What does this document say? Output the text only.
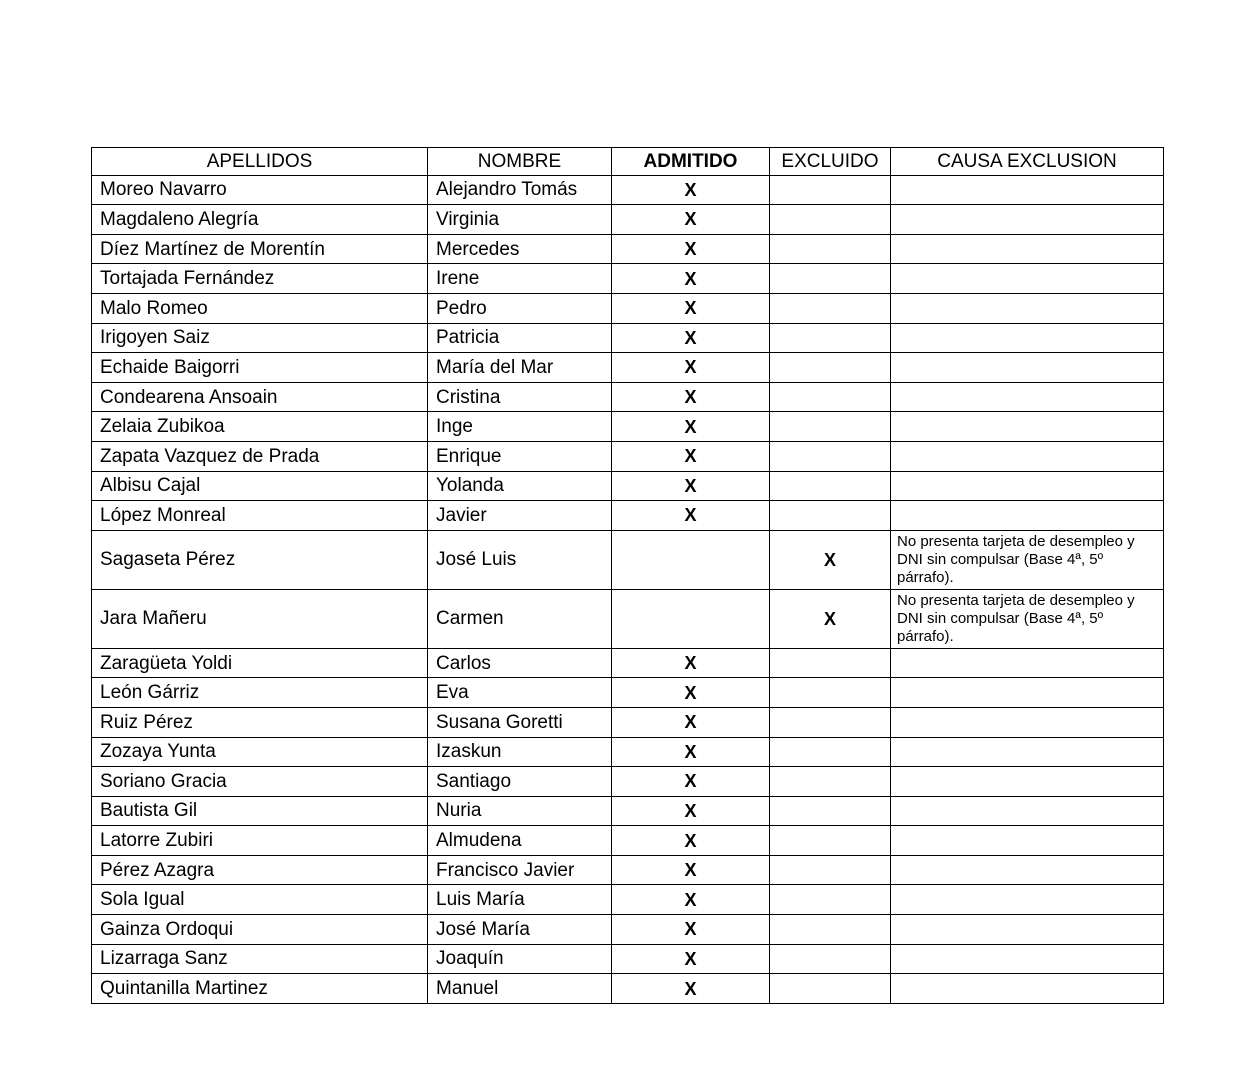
APELLIDOS	NOMBRE	ADMITIDO	EXCLUIDO	CAUSA EXCLUSION
Moreo Navarro	Alejandro Tomás	X		
Magdaleno Alegría	Virginia	X		
Díez Martínez de Morentín	Mercedes	X		
Tortajada Fernández	Irene	X		
Malo Romeo	Pedro	X		
Irigoyen Saiz	Patricia	X		
Echaide Baigorri	María del Mar	X		
Condearena Ansoain	Cristina	X		
Zelaia Zubikoa	Inge	X		
Zapata Vazquez de Prada	Enrique	X		
Albisu Cajal	Yolanda	X		
López Monreal	Javier	X		
Sagaseta Pérez	José Luis		X	No presenta tarjeta de desempleo y DNI sin compulsar (Base 4ª, 5º párrafo).
Jara Mañeru	Carmen		X	No presenta tarjeta de desempleo y DNI sin compulsar (Base 4ª, 5º párrafo).
Zaragüeta Yoldi	Carlos	X		
León Gárriz	Eva	X		
Ruiz Pérez	Susana Goretti	X		
Zozaya Yunta	Izaskun	X		
Soriano Gracia	Santiago	X		
Bautista Gil	Nuria	X		
Latorre Zubiri	Almudena	X		
Pérez Azagra	Francisco Javier	X		
Sola Igual	Luis María	X		
Gainza Ordoqui	José María	X		
Lizarraga Sanz	Joaquín	X		
Quintanilla Martinez	Manuel	X		
